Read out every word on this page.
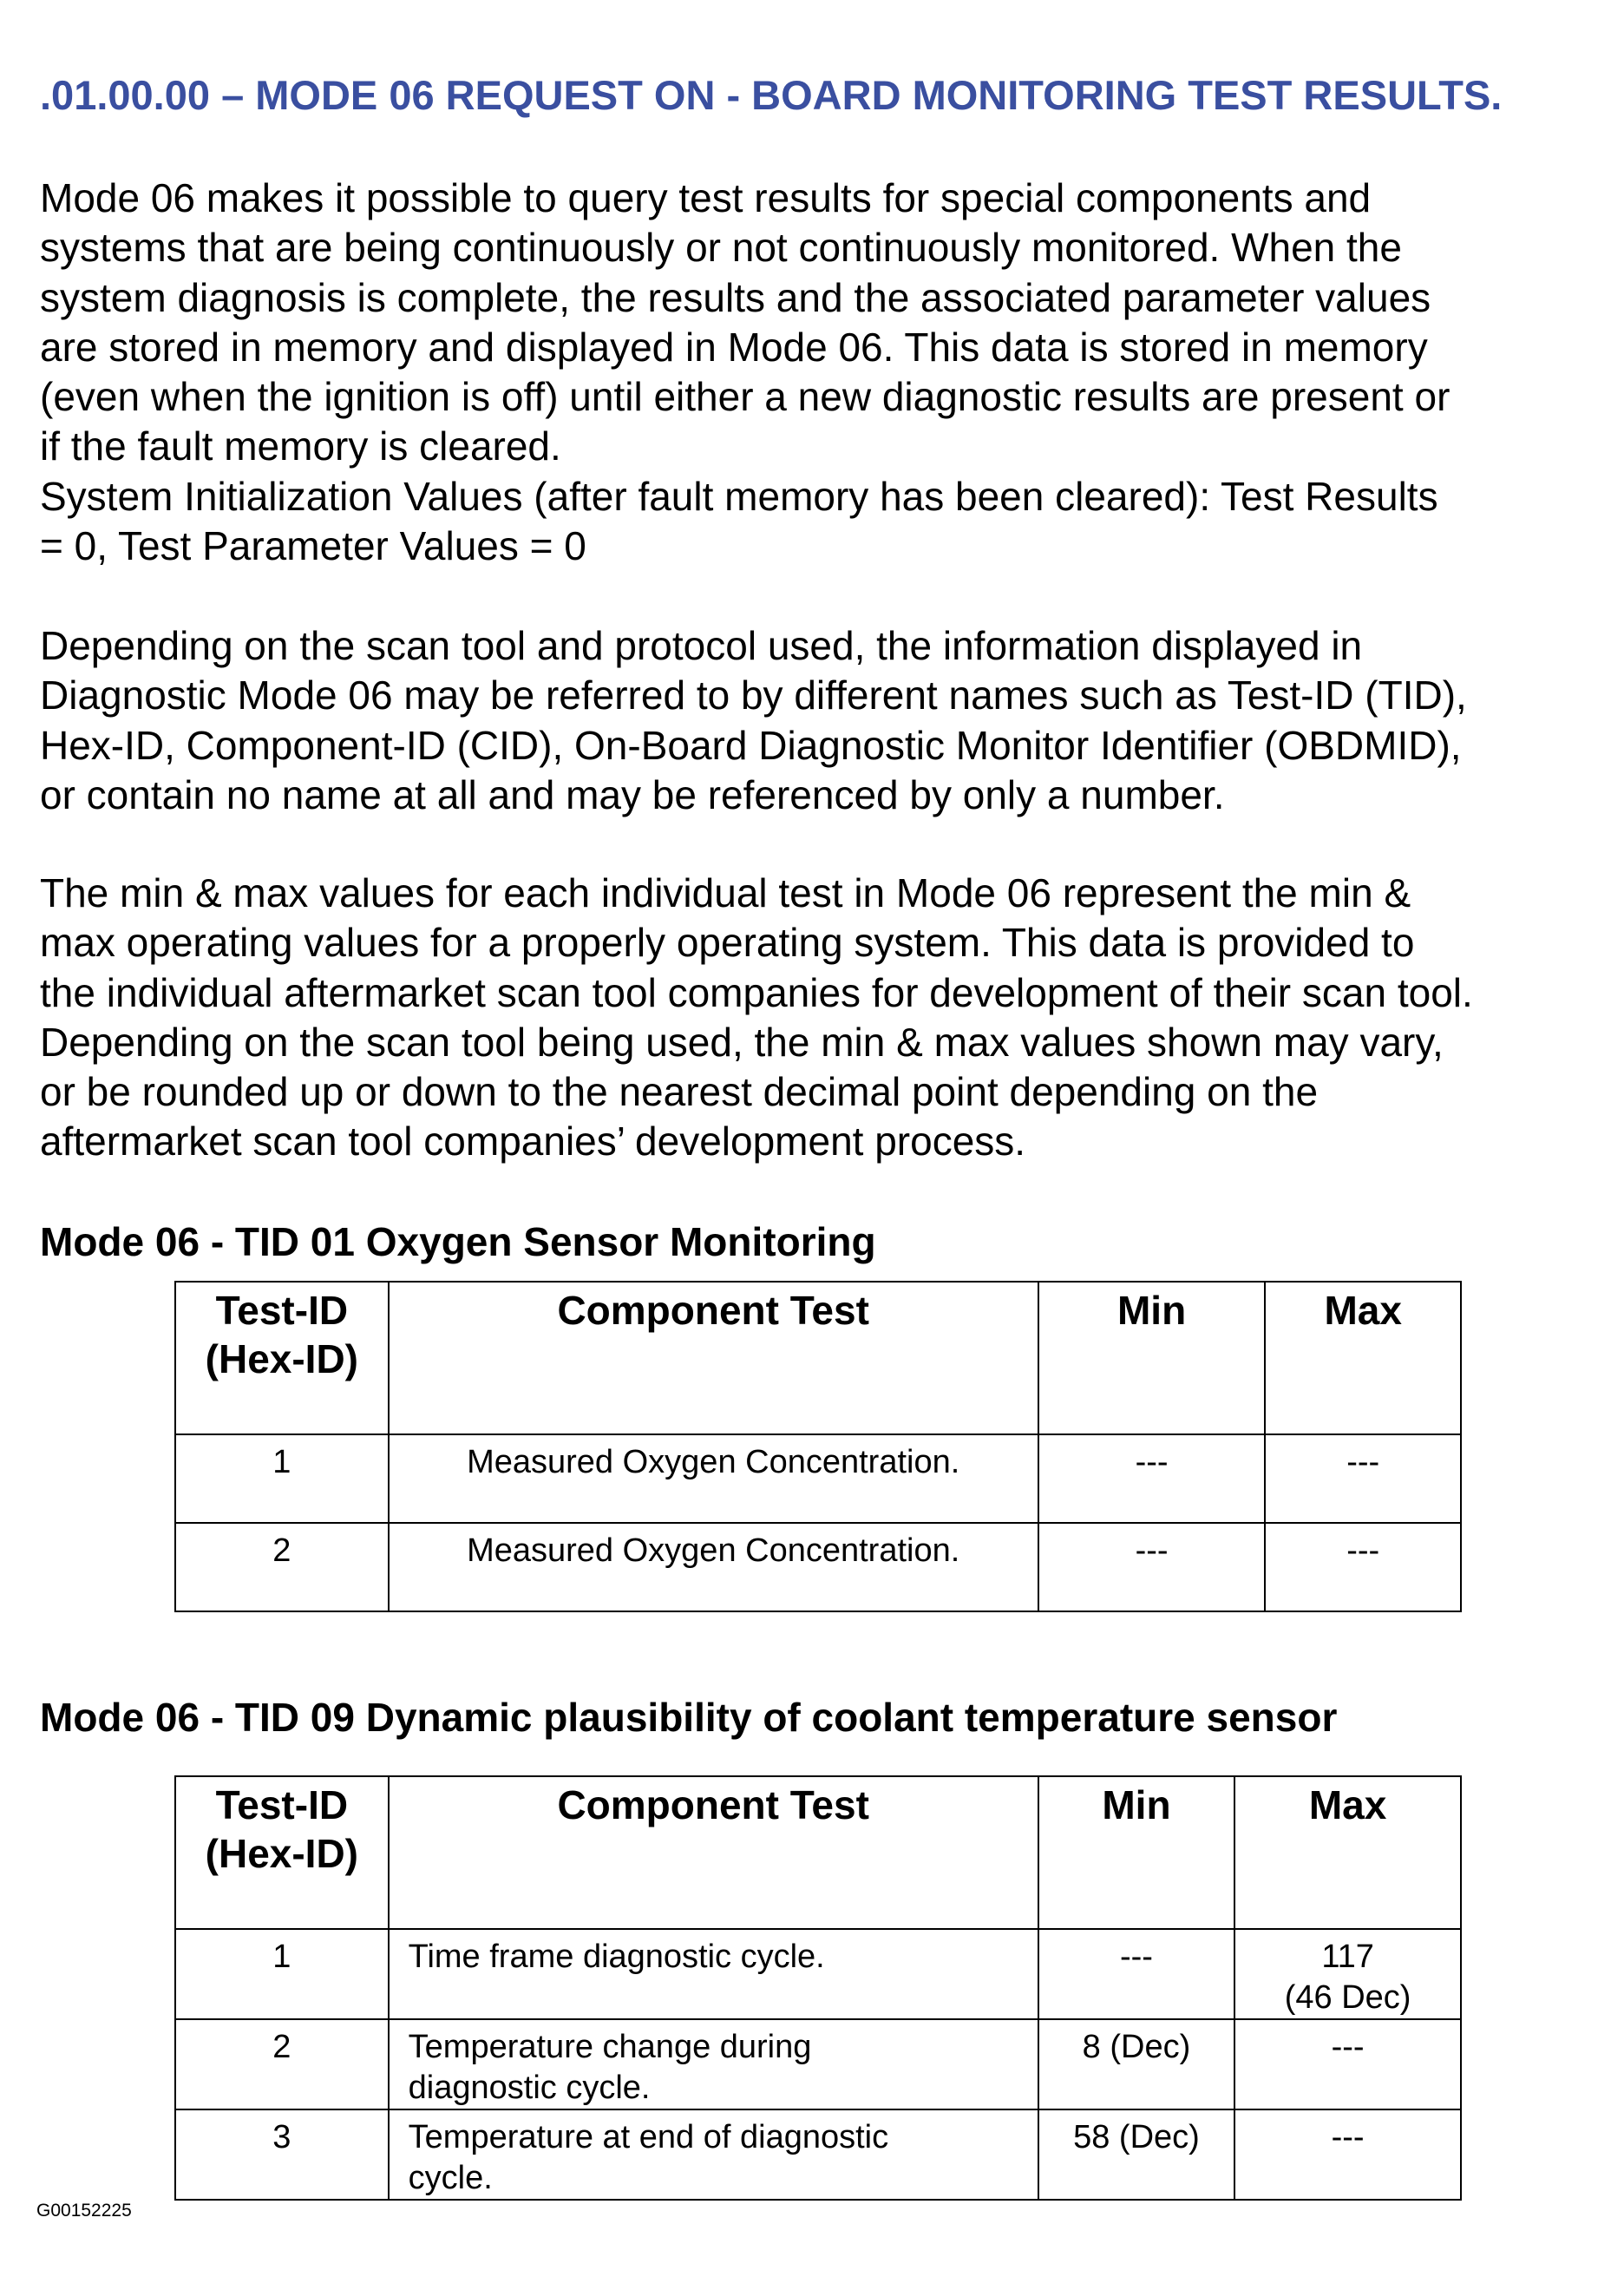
.01.00.00 – MODE 06 REQUEST ON - BOARD MONITORING TEST RESULTS.
Mode 06 makes it possible to query test results for special components and
systems that are being continuously or not continuously monitored. When the
system diagnosis is complete, the results and the associated parameter values
are stored in memory and displayed in Mode 06. This data is stored in memory
(even when the ignition is off) until either a new diagnostic results are present or
if the fault memory is cleared.
System Initialization Values (after fault memory has been cleared): Test Results
= 0, Test Parameter Values = 0
Depending on the scan tool and protocol used, the information displayed in
Diagnostic Mode 06 may be referred to by different names such as Test-ID (TID),
Hex-ID, Component-ID (CID), On-Board Diagnostic Monitor Identifier (OBDMID),
or contain no name at all and may be referenced by only a number.
The min & max values for each individual test in Mode 06 represent the min &
max operating values for a properly operating system. This data is provided to
the individual aftermarket scan tool companies for development of their scan tool.
Depending on the scan tool being used, the min & max values shown may vary,
or be rounded up or down to the nearest decimal point depending on the
aftermarket scan tool companies’ development process.
Mode 06 - TID 01 Oxygen Sensor Monitoring
Test-ID
(Hex-ID)	Component Test	Min	Max
1	Measured Oxygen Concentration.	---	---
2	Measured Oxygen Concentration.	---	---
Mode 06 - TID 09 Dynamic plausibility of coolant temperature sensor
Test-ID
(Hex-ID)	Component Test	Min	Max
1	Time frame diagnostic cycle.	---	117
(46 Dec)

2	Temperature change during
diagnostic cycle.	8 (Dec)	---

3	Temperature at end of diagnostic
cycle.	58 (Dec)	---
G00152225
